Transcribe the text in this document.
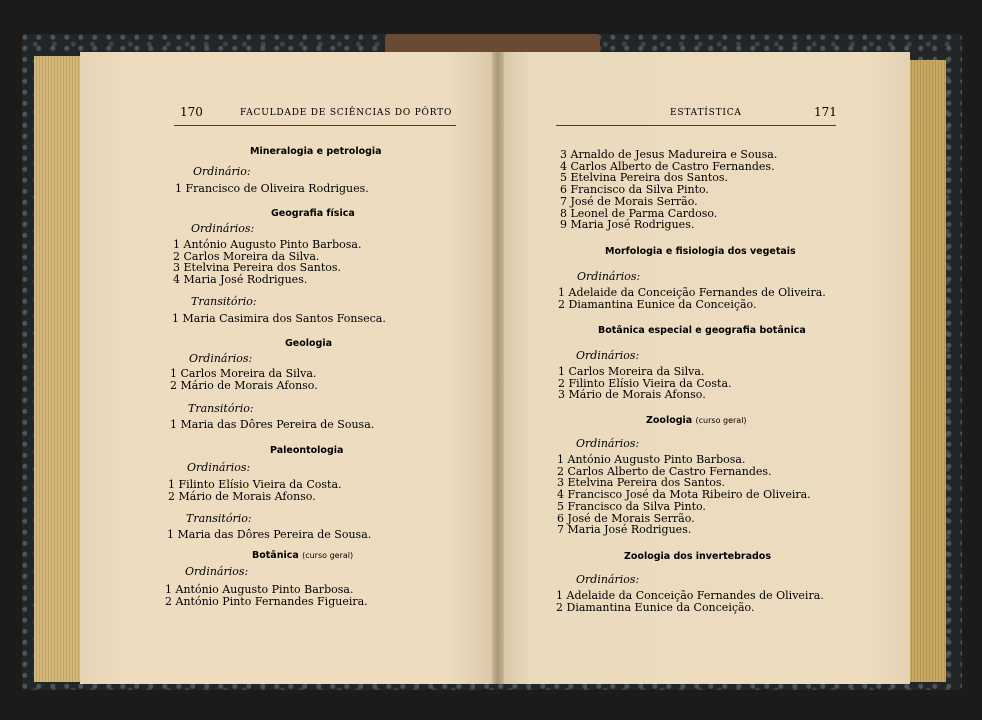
170	FACULDADE DE SCIÊNCIAS DO PÔRTO
Mineralogia e petrologia
Ordinário:
1 Francisco de Oliveira Rodrigues.
Geografia física
Ordinários:
1 António Augusto Pinto Barbosa.
2 Carlos Moreira da Silva.
3 Etelvina Pereira dos Santos.
4 Maria José Rodrigues.
Transitório:
1 Maria Casimira dos Santos Fonseca.
Geologia
Ordinários:
1 Carlos Moreira da Silva.
2 Mário de Morais Afonso.
Transitório:
1 Maria das Dôres Pereira de Sousa.
Paleontologia
Ordinários:
1 Filinto Elísio Vieira da Costa.
2 Mário de Morais Afonso.
Transitório:
1 Maria das Dôres Pereira de Sousa.
Botânica (curso geral)
Ordinários:
1 António Augusto Pinto Barbosa.
2 António Pinto Fernandes Figueira.
ESTATÍSTICA	171
3 Arnaldo de Jesus Madureira e Sousa.
4 Carlos Alberto de Castro Fernandes.
5 Etelvina Pereira dos Santos.
6 Francisco da Silva Pinto.
7 José de Morais Serrão.
8 Leonel de Parma Cardoso.
9 Maria José Rodrigues.
Morfologia e fisiologia dos vegetais
Ordinários:
1 Adelaide da Conceição Fernandes de Oliveira.
2 Diamantina Eunice da Conceição.
Botânica especial e geografia botânica
Ordinários:
1 Carlos Moreira da Silva.
2 Filinto Elísio Vieira da Costa.
3 Mário de Morais Afonso.
Zoologia (curso geral)
Ordinários:
1 António Augusto Pinto Barbosa.
2 Carlos Alberto de Castro Fernandes.
3 Etelvina Pereira dos Santos.
4 Francisco José da Mota Ribeiro de Oliveira.
5 Francisco da Silva Pinto.
6 José de Morais Serrão.
7 Maria José Rodrigues.
Zoologia dos invertebrados
Ordinários:
1 Adelaide da Conceição Fernandes de Oliveira.
2 Diamantina Eunice da Conceição.
